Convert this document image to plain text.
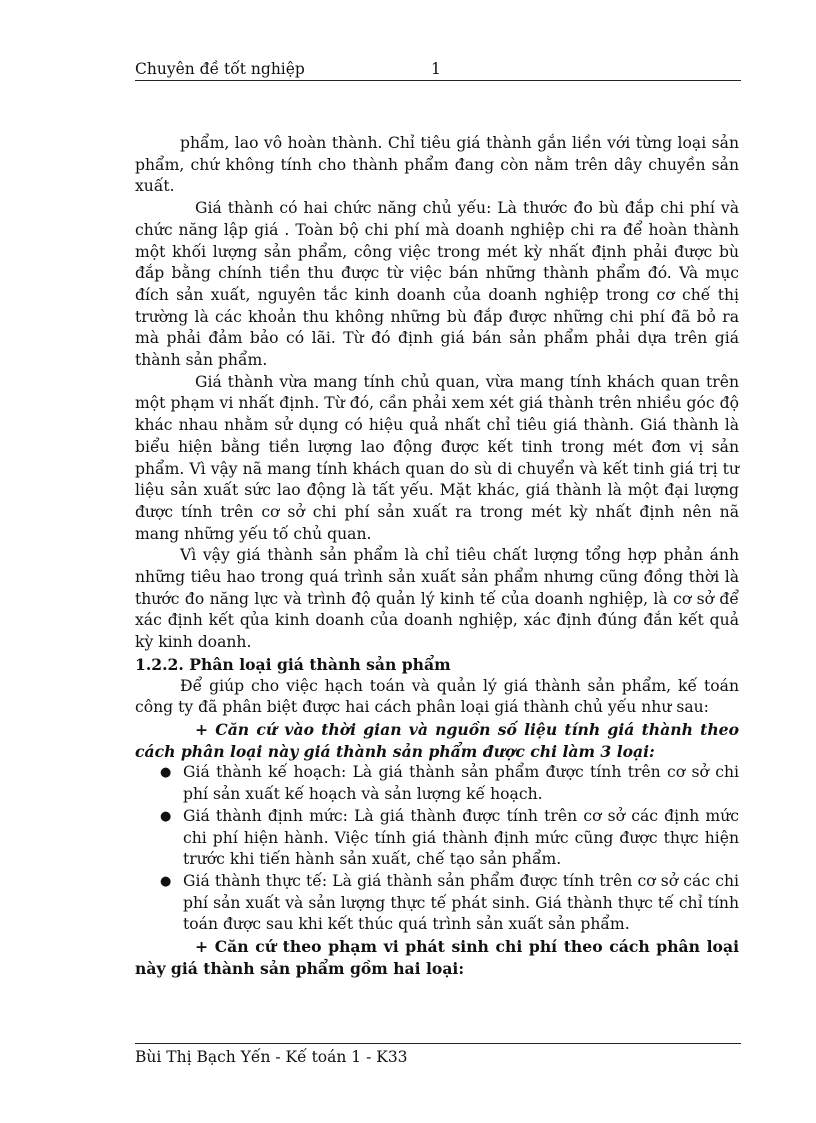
Chuyên đề tốt nghiệp	1

phẩm, lao vô hoàn thành. Chỉ tiêu giá thành gắn liền với từng loại sản phẩm, chứ không tính cho thành phẩm đang còn nằm trên dây chuyền sản xuất.

Giá thành có hai chức năng chủ yếu: Là thước đo bù đắp chi phí và chức năng lập giá . Toàn bộ chi phí mà doanh nghiệp chi ra để hoàn thành một khối lượng sản phẩm, công việc trong mét kỳ nhất định phải được bù đắp bằng chính tiền thu được từ việc bán những thành phẩm đó. Và mục đích sản xuất, nguyên tắc kinh doanh của doanh nghiệp trong cơ chế thị trường là các khoản thu không những bù đắp được những chi phí đã bỏ ra mà phải đảm bảo có lãi. Từ đó định giá bán sản phẩm phải dựa trên giá thành sản phẩm.

Giá thành vừa mang tính chủ quan, vừa mang tính khách quan trên một phạm vi nhất định. Từ đó, cần phải xem xét giá thành trên nhiều góc độ khác nhau nhằm sử dụng có hiệu quả nhất chỉ tiêu giá thành. Giá thành là biểu hiện bằng tiền lượng lao động được kết tinh trong mét đơn vị sản phẩm. Vì vậy nã mang tính khách quan do sù di chuyển và kết tinh giá trị tư liệu sản xuất sức lao động là tất yếu. Mặt khác, giá thành là một đại lượng được tính trên cơ sở chi phí sản xuất ra trong mét kỳ nhất định nên nã mang những yếu tố chủ quan.

Vì vậy giá thành sản phẩm là chỉ tiêu chất lượng tổng hợp phản ánh những tiêu hao trong quá trình sản xuất sản phẩm nhưng cũng đồng thời là thước đo năng lực và trình độ quản lý kinh tế của doanh nghiệp, là cơ sở để xác định kết qủa kinh doanh của doanh nghiệp, xác định đúng đắn kết quả kỳ kinh doanh.

1.2.2. Phân loại giá thành sản phẩm

Để giúp cho việc hạch toán và quản lý giá thành sản phẩm, kế toán công ty đã phân biệt được hai cách phân loại giá thành chủ yếu như sau:

+ Căn cứ vào thời gian và nguồn số liệu tính giá thành theo cách phân loại này giá thành sản phẩm được chi làm 3 loại:

● Giá thành kế hoạch: Là giá thành sản phẩm được tính trên cơ sở chi phí sản xuất kế hoạch và sản lượng kế hoạch.
● Giá thành định mức: Là giá thành được tính trên cơ sở các định mức chi phí hiện hành. Việc tính giá thành định mức cũng được thực hiện trước khi tiến hành sản xuất, chế tạo sản phẩm.
● Giá thành thực tế: Là giá thành sản phẩm được tính trên cơ sở các chi phí sản xuất và sản lượng thực tế phát sinh. Giá thành thực tế chỉ tính toán được sau khi kết thúc quá trình sản xuất sản phẩm.

+ Căn cứ theo phạm vi phát sinh chi phí theo cách phân loại này giá thành sản phẩm gồm hai loại:

Bùi Thị Bạch Yến - Kế toán 1 - K33
